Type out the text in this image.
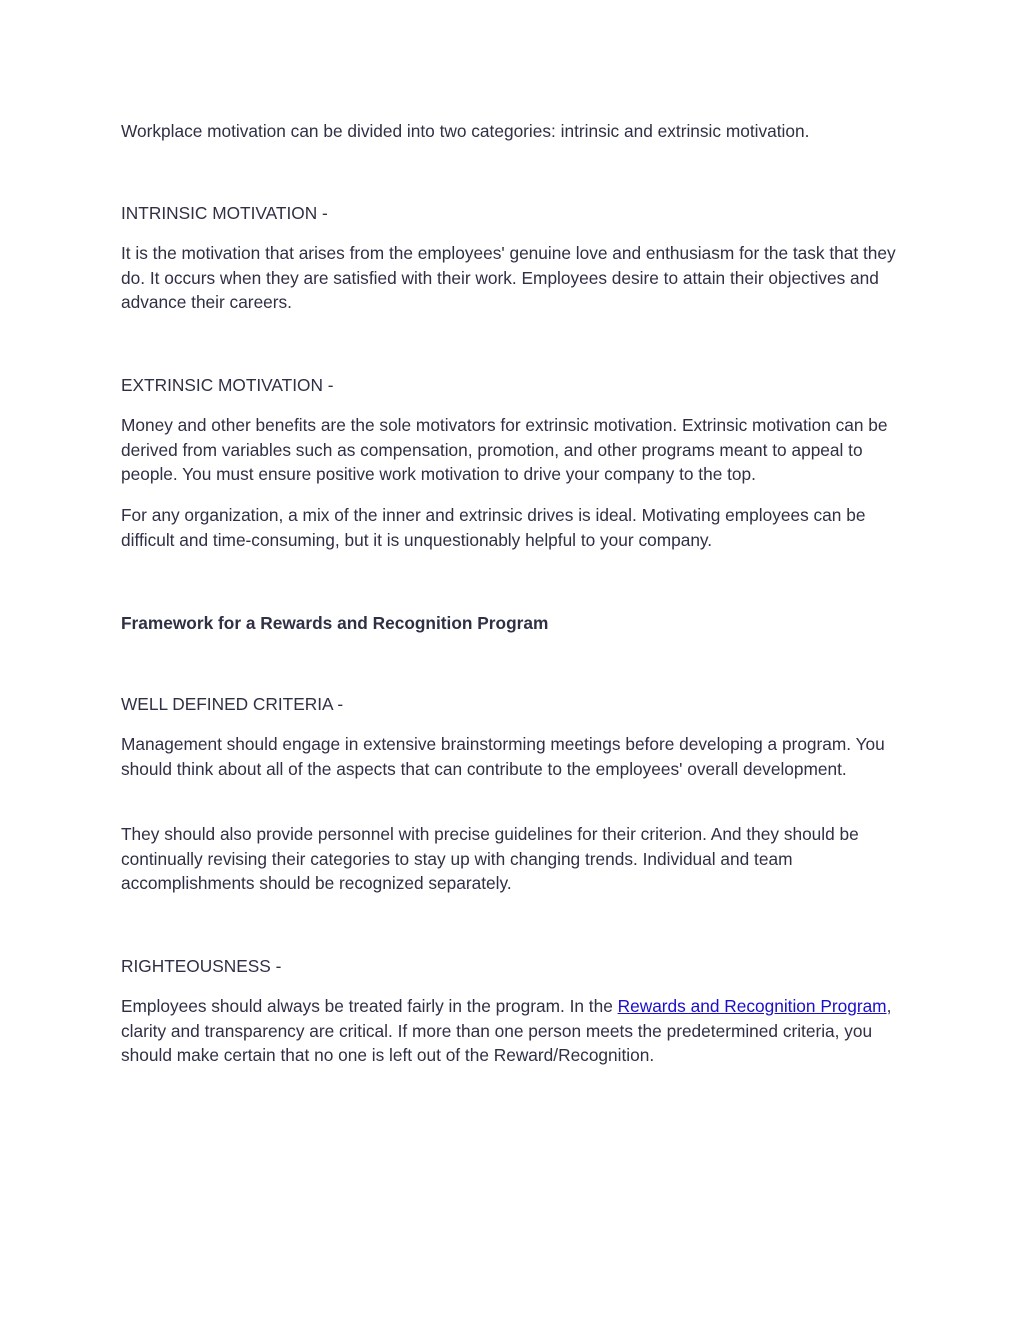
Workplace motivation can be divided into two categories: intrinsic and extrinsic motivation.

INTRINSIC MOTIVATION -

It is the motivation that arises from the employees' genuine love and enthusiasm for the task that they do. It occurs when they are satisfied with their work. Employees desire to attain their objectives and advance their careers.

EXTRINSIC MOTIVATION -

Money and other benefits are the sole motivators for extrinsic motivation. Extrinsic motivation can be derived from variables such as compensation, promotion, and other programs meant to appeal to people. You must ensure positive work motivation to drive your company to the top.

For any organization, a mix of the inner and extrinsic drives is ideal. Motivating employees can be difficult and time-consuming, but it is unquestionably helpful to your company.

Framework for a Rewards and Recognition Program

WELL DEFINED CRITERIA -

Management should engage in extensive brainstorming meetings before developing a program. You should think about all of the aspects that can contribute to the employees' overall development.

They should also provide personnel with precise guidelines for their criterion. And they should be continually revising their categories to stay up with changing trends. Individual and team accomplishments should be recognized separately.

RIGHTEOUSNESS -

Employees should always be treated fairly in the program. In the Rewards and Recognition Program, clarity and transparency are critical. If more than one person meets the predetermined criteria, you should make certain that no one is left out of the Reward/Recognition.
